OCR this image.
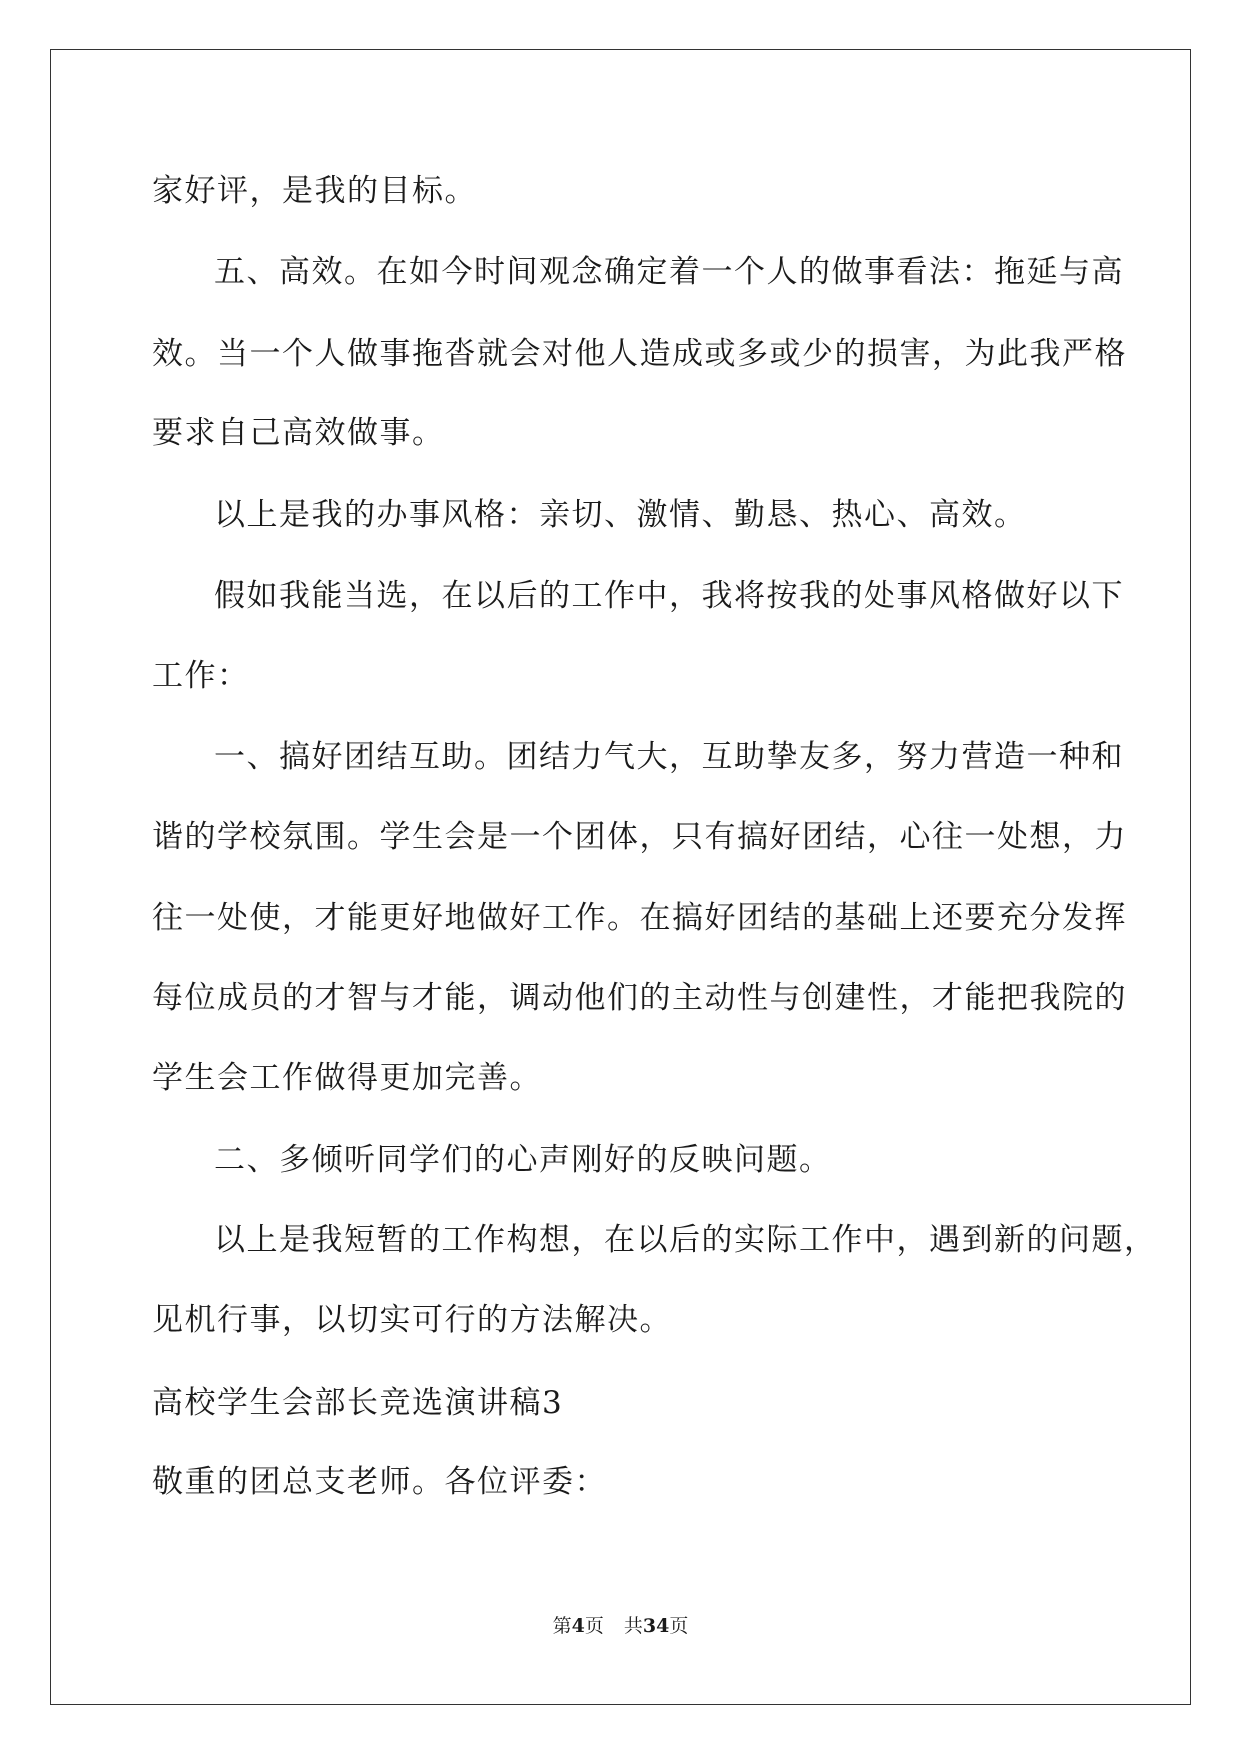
家好评，是我的目标。
五、高效。在如今时间观念确定着一个人的做事看法：拖延与高
效。当一个人做事拖沓就会对他人造成或多或少的损害，为此我严格
要求自己高效做事。
以上是我的办事风格：亲切、激情、勤恳、热心、高效。
假如我能当选，在以后的工作中，我将按我的处事风格做好以下
工作：
一、搞好团结互助。团结力气大，互助挚友多，努力营造一种和
谐的学校氛围。学生会是一个团体，只有搞好团结，心往一处想，力
往一处使，才能更好地做好工作。在搞好团结的基础上还要充分发挥
每位成员的才智与才能，调动他们的主动性与创建性，才能把我院的
学生会工作做得更加完善。
二、多倾听同学们的心声刚好的反映问题。
以上是我短暂的工作构想，在以后的实际工作中，遇到新的问题，
见机行事，以切实可行的方法解决。
高校学生会部长竞选演讲稿3
敬重的团总支老师。各位评委：
第4页 共34页
